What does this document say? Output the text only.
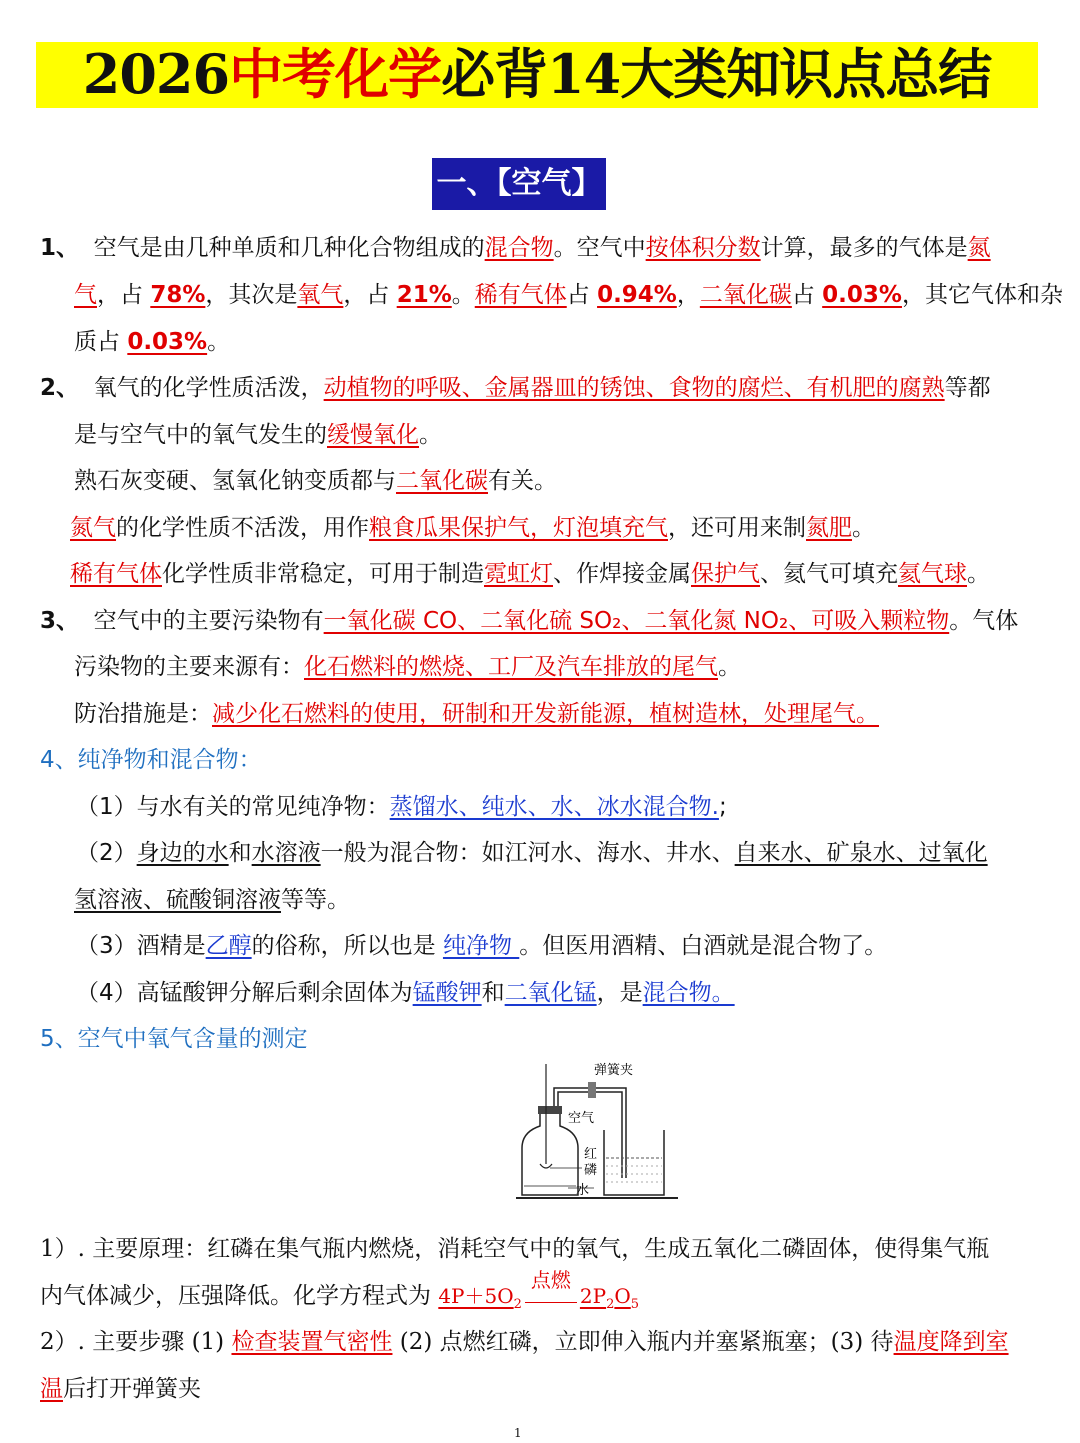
2026中考化学必背14大类知识点总结
一、【空气】
1、 空气是由几种单质和几种化合物组成的混合物。空气中按体积分数计算，最多的气体是氮
气，占 78%，其次是氧气，占 21%。稀有气体占 0.94%，二氧化碳占 0.03%，其它气体和杂
质占 0.03%。
2、 氧气的化学性质活泼，动植物的呼吸、金属器皿的锈蚀、食物的腐烂、有机肥的腐熟等都
是与空气中的氧气发生的缓慢氧化。
熟石灰变硬、氢氧化钠变质都与二氧化碳有关。
氮气的化学性质不活泼，用作粮食瓜果保护气，灯泡填充气，还可用来制氮肥。
稀有气体化学性质非常稳定，可用于制造霓虹灯、作焊接金属保护气、氦气可填充氦气球。
3、 空气中的主要污染物有一氧化碳 CO、二氧化硫 SO₂、二氧化氮 NO₂、可吸入颗粒物。气体
污染物的主要来源有：化石燃料的燃烧、工厂及汽车排放的尾气。
防治措施是：减少化石燃料的使用，研制和开发新能源，植树造林，处理尾气。
4、纯净物和混合物：
（1）与水有关的常见纯净物：蒸馏水、纯水、水、冰水混合物.;
（2）身边的水和水溶液一般为混合物：如江河水、海水、井水、自来水、矿泉水、过氧化
氢溶液、硫酸铜溶液等等。
（3）酒精是乙醇的俗称，所以也是 纯净物 。但医用酒精、白酒就是混合物了。
（4）高锰酸钾分解后剩余固体为锰酸钾和二氧化锰，是混合物。
5、空气中氧气含量的测定
弹簧夹
空气
红
磷
水
1）. 主要原理：红磷在集气瓶内燃烧，消耗空气中的氧气，生成五氧化二磷固体，使得集气瓶
内气体减少，压强降低。化学方程式为 $4P+5O_2$
点燃
$2P_2O_5$
2）. 主要步骤 (1) 检查装置气密性 (2) 点燃红磷，立即伸入瓶内并塞紧瓶塞；(3) 待温度降到室
温后打开弹簧夹
1
